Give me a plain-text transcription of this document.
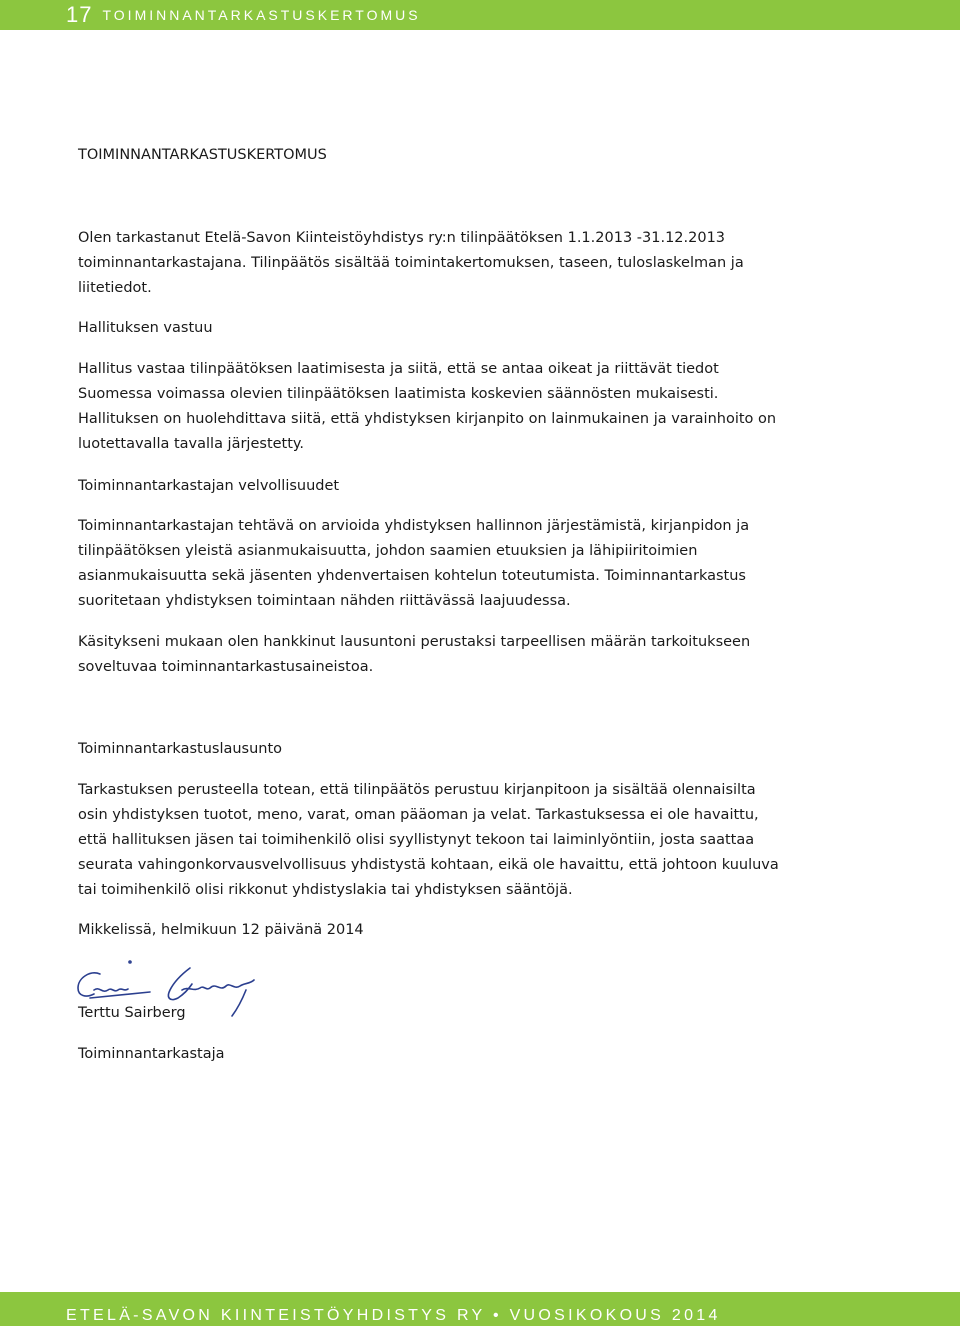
17 TOIMINNANTARKASTUSKERTOMUS
TOIMINNANTARKASTUSKERTOMUS
Olen tarkastanut Etelä-Savon Kiinteistöyhdistys ry:n tilinpäätöksen 1.1.2013 -31.12.2013
toiminnantarkastajana. Tilinpäätös sisältää toimintakertomuksen, taseen, tuloslaskelman ja
liitetiedot.
Hallituksen vastuu
Hallitus vastaa tilinpäätöksen laatimisesta ja siitä, että se antaa oikeat ja riittävät tiedot
Suomessa voimassa olevien tilinpäätöksen laatimista koskevien säännösten mukaisesti.
Hallituksen on huolehdittava siitä, että yhdistyksen kirjanpito on lainmukainen ja varainhoito on
luotettavalla tavalla järjestetty.
Toiminnantarkastajan velvollisuudet
Toiminnantarkastajan tehtävä on arvioida yhdistyksen hallinnon järjestämistä, kirjanpidon ja
tilinpäätöksen yleistä asianmukaisuutta, johdon saamien etuuksien ja lähipiiritoimien
asianmukaisuutta sekä jäsenten yhdenvertaisen kohtelun toteutumista. Toiminnantarkastus
suoritetaan yhdistyksen toimintaan nähden riittävässä laajuudessa.
Käsitykseni mukaan olen hankkinut lausuntoni perustaksi tarpeellisen määrän tarkoitukseen
soveltuvaa toiminnantarkastusaineistoa.
Toiminnantarkastuslausunto
Tarkastuksen perusteella totean, että tilinpäätös perustuu kirjanpitoon ja sisältää olennaisilta
osin yhdistyksen tuotot, meno, varat, oman pääoman ja velat. Tarkastuksessa ei ole havaittu,
että hallituksen jäsen tai toimihenkilö olisi syyllistynyt tekoon tai laiminlyöntiin, josta saattaa
seurata vahingonkorvausvelvollisuus yhdistystä kohtaan, eikä ole havaittu, että johtoon kuuluva
tai toimihenkilö olisi rikkonut yhdistyslakia tai yhdistyksen sääntöjä.
Mikkelissä, helmikuun 12 päivänä 2014
Terttu Sairberg
Toiminnantarkastaja
ETELÄ-SAVON KIINTEISTÖYHDISTYS RY • VUOSIKOKOUS 2014
